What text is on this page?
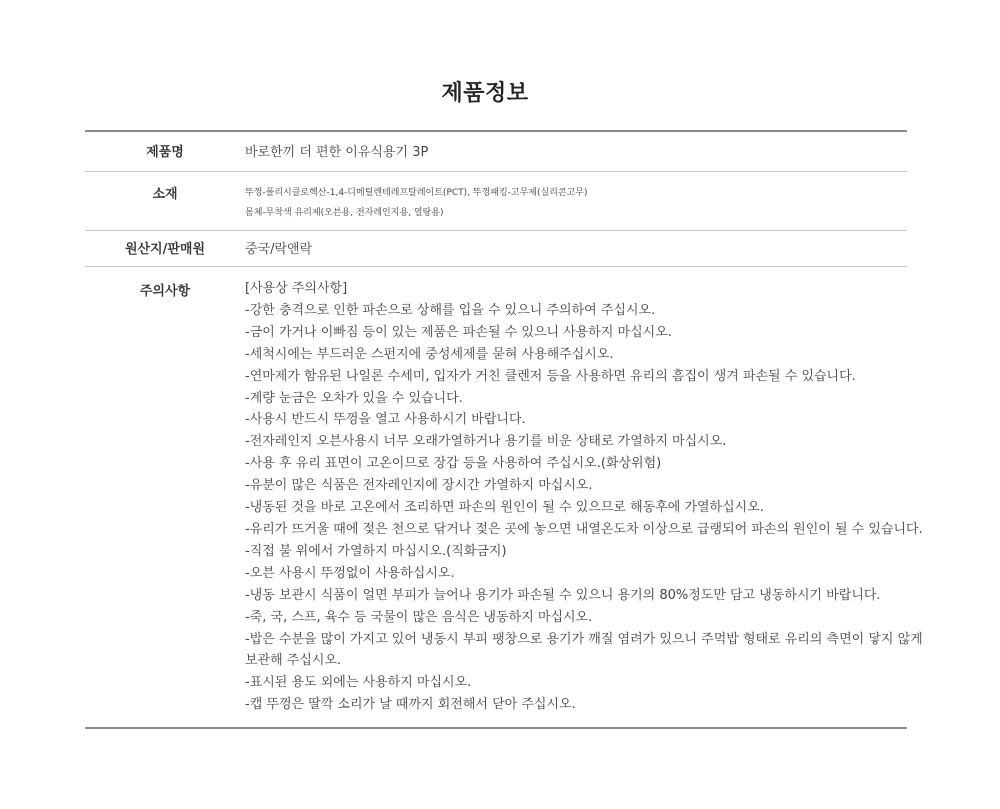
제품정보
제품명	바로한끼 더 편한 이유식용기 3P
소재	뚜껑-폴리시클로헥산-1,4-디메틸렌테레프탈레이트(PCT), 뚜껑패킹-고무제(실리콘고무)
몸체-무착색 유리제(오븐용, 전자레인지용, 열탕용)
원산지/판매원	중국/락앤락
주의사항	[사용상 주의사항]
-강한 충격으로 인한 파손으로 상해를 입을 수 있으니 주의하여 주십시오.
-금이 가거나 이빠짐 등이 있는 제품은 파손될 수 있으니 사용하지 마십시오.
-세척시에는 부드러운 스펀지에 중성세제를 묻혀 사용해주십시오.
-연마제가 함유된 나일론 수세미, 입자가 거친 클렌저 등을 사용하면 유리의 흠집이 생겨 파손될 수 있습니다.
-계량 눈금은 오차가 있을 수 있습니다.
-사용시 반드시 뚜껑을 열고 사용하시기 바랍니다.
-전자레인지 오븐사용시 너무 오래가열하거나 용기를 비운 상태로 가열하지 마십시오.
-사용 후 유리 표면이 고온이므로 장갑 등을 사용하여 주십시오.(화상위험)
-유분이 많은 식품은 전자레인지에 장시간 가열하지 마십시오.
-냉동된 것을 바로 고온에서 조리하면 파손의 원인이 될 수 있으므로 해동후에 가열하십시오.
-유리가 뜨거울 때에 젖은 천으로 닦거나 젖은 곳에 놓으면 내열온도차 이상으로 급랭되어 파손의 원인이 될 수 있습니다.
-직접 불 위에서 가열하지 마십시오.(직화금지)
-오븐 사용시 뚜껑없이 사용하십시오.
-냉동 보관시 식품이 얼면 부피가 늘어나 용기가 파손될 수 있으니 용기의 80%정도만 담고 냉동하시기 바랍니다.
-죽, 국, 스프, 육수 등 국물이 많은 음식은 냉동하지 마십시오.
-밥은 수분을 많이 가지고 있어 냉동시 부피 팽창으로 용기가 깨질 염려가 있으니 주먹밥 형태로 유리의 측면이 닿지 않게
보관해 주십시오.
-표시된 용도 외에는 사용하지 마십시오.
-캡 뚜껑은 딸깍 소리가 날 때까지 회전해서 닫아 주십시오.
